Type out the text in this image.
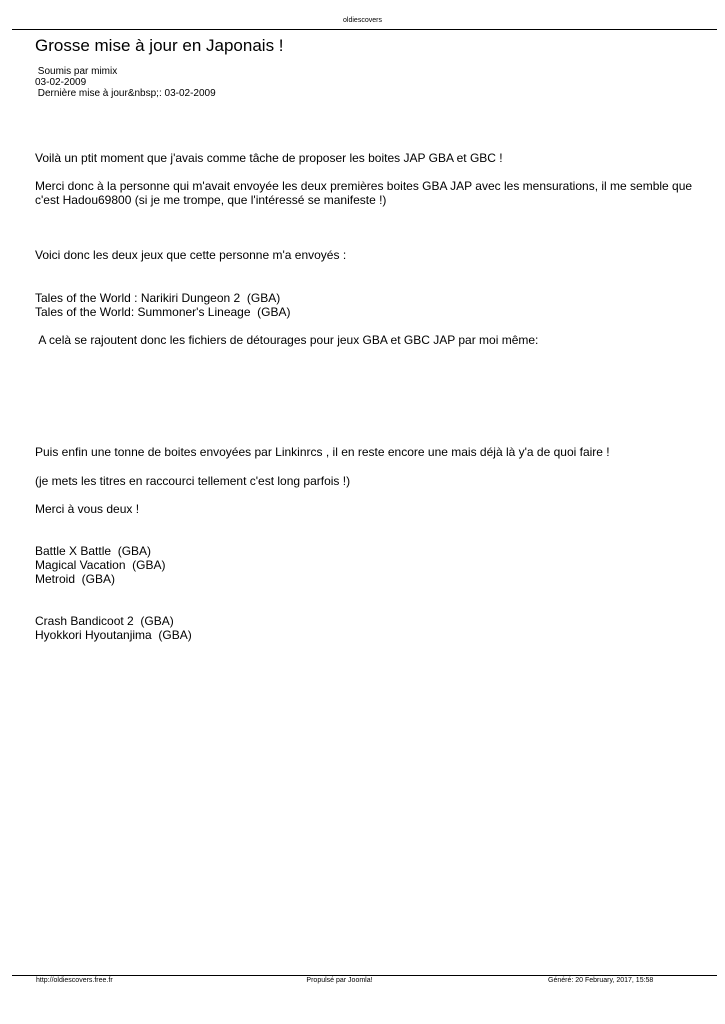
oldiescovers
Grosse mise à jour en Japonais !
Soumis par mimix
03-02-2009
Dernière mise à jour&nbsp;: 03-02-2009
Voilà un ptit moment que j'avais comme tâche de proposer les boites JAP GBA et GBC !
Merci donc à la personne qui m'avait envoyée les deux premières boites GBA JAP avec les mensurations, il me semble que c'est Hadou69800 (si je me trompe, que l'intéressé se manifeste !)
Voici donc les deux jeux que cette personne m'a envoyés :
Tales of the World : Narikiri Dungeon 2  (GBA)
Tales of the World: Summoner's Lineage  (GBA)
A celà se rajoutent donc les fichiers de détourages pour jeux GBA et GBC JAP par moi même:
Puis enfin une tonne de boites envoyées par Linkinrcs , il en reste encore une mais déjà là y'a de quoi faire !
(je mets les titres en raccourci tellement c'est long parfois !)
Merci à vous deux !
Battle X Battle  (GBA)
Magical Vacation  (GBA)
Metroid  (GBA)
Crash Bandicoot 2  (GBA)
Hyokkori Hyoutanjima  (GBA)
http://oldiescovers.free.fr	Propulsé par Joomla!	Généré: 20 February, 2017, 15:58
